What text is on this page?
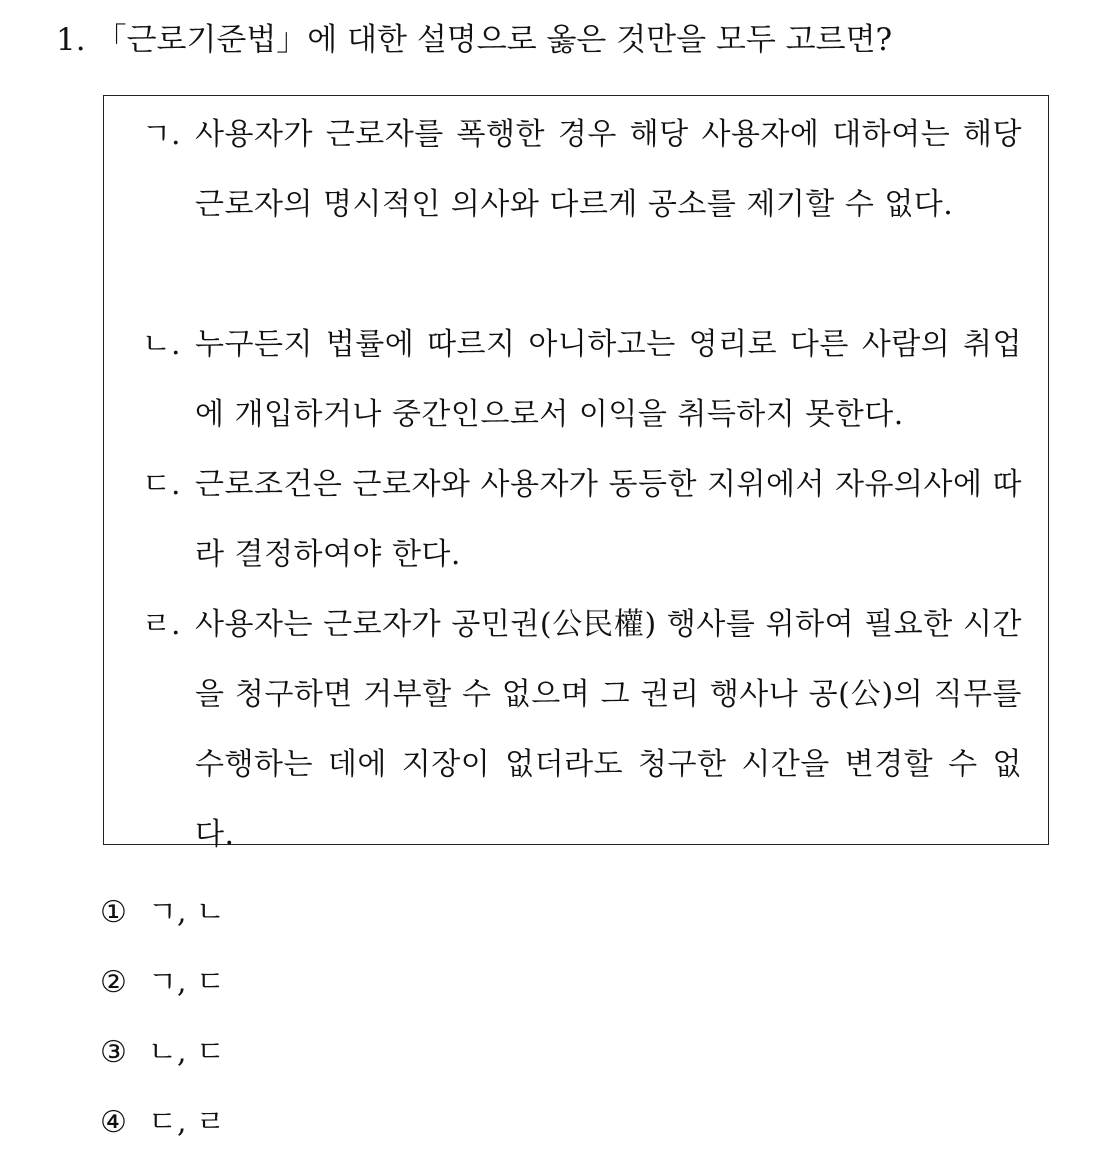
1. 「근로기준법」에 대한 설명으로 옳은 것만을 모두 고르면?
ㄱ. 사용자가 근로자를 폭행한 경우 해당 사용자에 대하여는 해당 근로자의 명시적인 의사와 다르게 공소를 제기할 수 없다.
ㄴ. 누구든지 법률에 따르지 아니하고는 영리로 다른 사람의 취업에 개입하거나 중간인으로서 이익을 취득하지 못한다.
ㄷ. 근로조건은 근로자와 사용자가 동등한 지위에서 자유의사에 따라 결정하여야 한다.
ㄹ. 사용자는 근로자가 공민권(公民權) 행사를 위하여 필요한 시간을 청구하면 거부할 수 없으며 그 권리 행사나 공(公)의 직무를 수행하는 데에 지장이 없더라도 청구한 시간을 변경할 수 없다.
① ㄱ, ㄴ
② ㄱ, ㄷ
③ ㄴ, ㄷ
④ ㄷ, ㄹ
